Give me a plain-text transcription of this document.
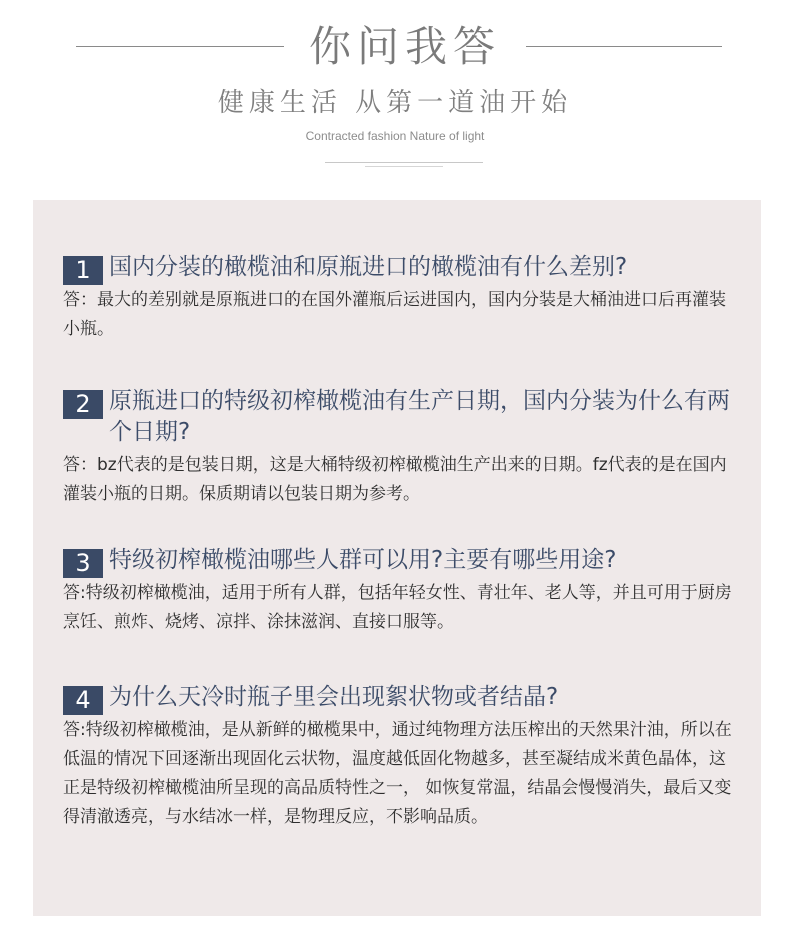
你问我答
健康生活 从第一道油开始
Contracted fashion Nature of light
1 国内分装的橄榄油和原瓶进口的橄榄油有什么差别?
答：最大的差别就是原瓶进口的在国外灌瓶后运进国内，国内分装是大桶油进口后再灌装小瓶。
2 原瓶进口的特级初榨橄榄油有生产日期，国内分装为什么有两个日期?
答：bz代表的是包装日期，这是大桶特级初榨橄榄油生产出来的日期。fz代表的是在国内灌装小瓶的日期。保质期请以包装日期为参考。
3 特级初榨橄榄油哪些人群可以用?主要有哪些用途?
答:特级初榨橄榄油，适用于所有人群，包括年轻女性、青壮年、老人等，并且可用于厨房烹饪、煎炸、烧烤、凉拌、涂抹滋润、直接口服等。
4 为什么天冷时瓶子里会出现絮状物或者结晶?
答:特级初榨橄榄油，是从新鲜的橄榄果中，通过纯物理方法压榨出的天然果汁油，所以在低温的情况下回逐渐出现固化云状物，温度越低固化物越多，甚至凝结成米黄色晶体，这正是特级初榨橄榄油所呈现的高品质特性之一， 如恢复常温，结晶会慢慢消失，最后又变得清澈透亮，与水结冰一样，是物理反应，不影响品质。
